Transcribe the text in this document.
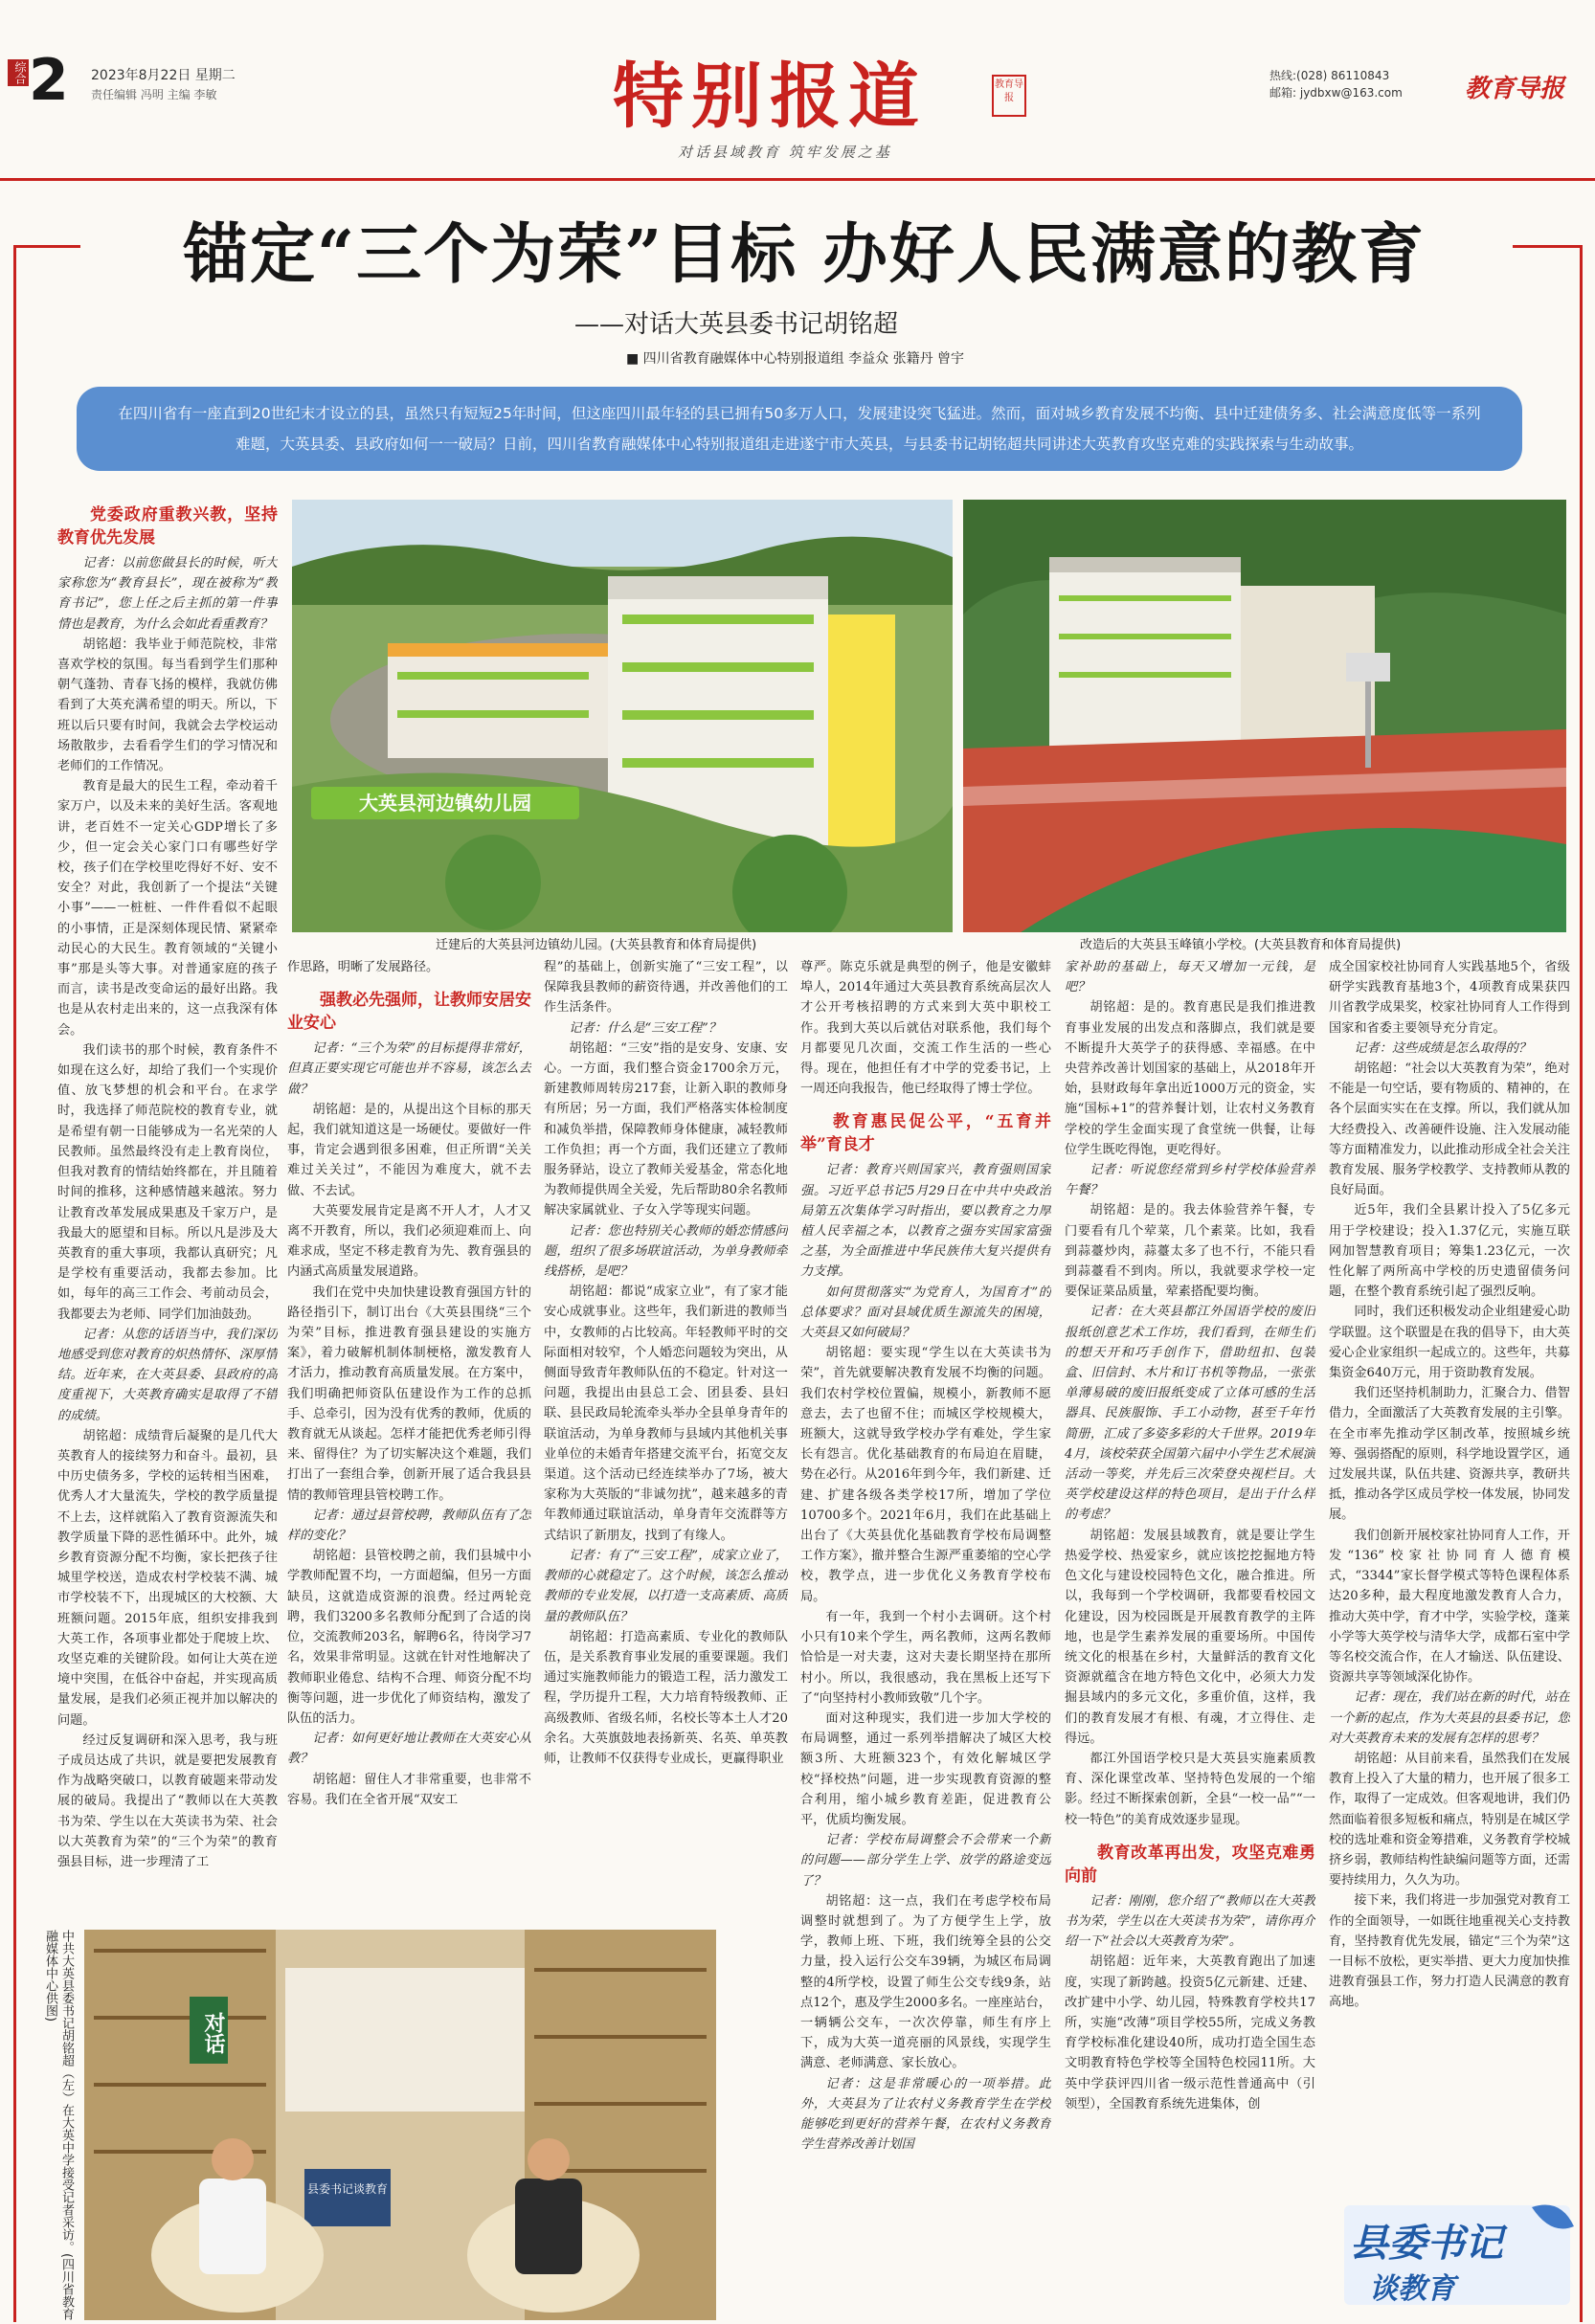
综合 2 2023年8月22日 星期二
责任编辑 冯明 主编 李敏	特别报道	教育导报
对话县域教育 筑牢发展之基
热线:(028) 86110843
邮箱: jydbxw@163.com	教育导报
锚定“三个为荣”目标 办好人民满意的教育
——对话大英县委书记胡铭超
■ 四川省教育融媒体中心特别报道组 李益众 张籍丹 曾宇
在四川省有一座直到20世纪末才设立的县，虽然只有短短25年时间，但这座四川最年轻的县已拥有50多万人口，发展建设突飞猛进。然而，面对城乡教育发展不均衡、县中迁建债务多、社会满意度低等一系列难题，大英县委、县政府如何一一破局？日前，四川省教育融媒体中心特别报道组走进遂宁市大英县，与县委书记胡铭超共同讲述大英教育攻坚克难的实践探索与生动故事。
大英县河边镇幼儿园
迁建后的大英县河边镇幼儿园。(大英县教育和体育局提供)	改造后的大英县玉峰镇小学校。(大英县教育和体育局提供)

党委政府重教兴教，坚持教育优先发展

记者：以前您做县长的时候，听大家称您为“教育县长”，现在被称为“教育书记”，您上任之后主抓的第一件事情也是教育，为什么会如此看重教育？

胡铭超：我毕业于师范院校，非常喜欢学校的氛围。每当看到学生们那种朝气蓬勃、青春飞扬的模样，我就仿佛看到了大英充满希望的明天。所以，下班以后只要有时间，我就会去学校运动场散散步，去看看学生们的学习情况和老师们的工作情况。

教育是最大的民生工程，牵动着千家万户，以及未来的美好生活。客观地讲，老百姓不一定关心GDP增长了多少，但一定会关心家门口有哪些好学校，孩子们在学校里吃得好不好、安不安全？对此，我创新了一个提法“关键小事”——一桩桩、一件件看似不起眼的小事情，正是深刻体现民情、紧紧牵动民心的大民生。教育领域的“关键小事”那是头等大事。对普通家庭的孩子而言，读书是改变命运的最好出路。我也是从农村走出来的，这一点我深有体会。

我们读书的那个时候，教育条件不如现在这么好，却给了我们一个实现价值、放飞梦想的机会和平台。在求学时，我选择了师范院校的教育专业，就是希望有朝一日能够成为一名光荣的人民教师。虽然最终没有走上教育岗位，但我对教育的情结始终都在，并且随着时间的推移，这种感情越来越浓。努力让教育改革发展成果惠及千家万户，是我最大的愿望和目标。所以凡是涉及大英教育的重大事项，我都认真研究；凡是学校有重要活动，我都去参加。比如，每年的高三工作会、考前动员会，我都要去为老师、同学们加油鼓劲。

记者：从您的话语当中，我们深切地感受到您对教育的炽热情怀、深厚情结。近年来，在大英县委、县政府的高度重视下，大英教育确实是取得了不错的成绩。

胡铭超：成绩背后凝聚的是几代大英教育人的接续努力和奋斗。最初，县中历史债务多，学校的运转相当困难，优秀人才大量流失，学校的教学质量提不上去，这样就陷入了教育资源流失和教学质量下降的恶性循环中。此外，城乡教育资源分配不均衡，家长把孩子往城里学校送，造成农村学校装不满、城市学校装不下，出现城区的大校额、大班额问题。2015年底，组织安排我到大英工作，各项事业都处于爬坡上坎、攻坚克难的关键阶段。如何让大英在逆境中突围，在低谷中奋起，并实现高质量发展，是我们必须正视并加以解决的问题。

经过反复调研和深入思考，我与班子成员达成了共识，就是要把发展教育作为战略突破口，以教育破题来带动发展的破局。我提出了“教师以在大英教书为荣、学生以在大英读书为荣、社会以大英教育为荣”的“三个为荣”的教育强县目标，进一步理清了工

作思路，明晰了发展路径。

强教必先强师，让教师安居安业安心

记者：“三个为荣”的目标提得非常好，但真正要实现它可能也并不容易，该怎么去做？

胡铭超：是的，从提出这个目标的那天起，我们就知道这是一场硬仗。要做好一件事，肯定会遇到很多困难，但正所谓“关关难过关关过”，不能因为难度大，就不去做、不去试。

大英要发展肯定是离不开人才，人才又离不开教育，所以，我们必须迎难而上、向难求成，坚定不移走教育为先、教育强县的内涵式高质量发展道路。

我们在党中央加快建设教育强国方针的路径指引下，制订出台《大英县围绕“三个为荣”目标，推进教育强县建设的实施方案》，着力破解机制体制梗格，激发教育人才活力，推动教育高质量发展。在方案中，我们明确把师资队伍建设作为工作的总抓手、总牵引，因为没有优秀的教师，优质的教育就无从谈起。怎样才能把优秀老师引得来、留得住？为了切实解决这个难题，我们打出了一套组合拳，创新开展了适合我县县情的教师管理县管校聘工作。

记者：通过县管校聘，教师队伍有了怎样的变化？

胡铭超：县管校聘之前，我们县城中小学教师配置不均，一方面超编，但另一方面缺员，这就造成资源的浪费。经过两轮竞聘，我们3200多名教师分配到了合适的岗位，交流教师203名，解聘6名，待岗学习7名，效果非常明显。这就在针对性地解决了教师职业倦怠、结构不合理、师资分配不均衡等问题，进一步优化了师资结构，激发了队伍的活力。

记者：如何更好地让教师在大英安心从教？

胡铭超：留住人才非常重要，也非常不容易。我们在全省开展“双安工

程”的基础上，创新实施了“三安工程”，以保障我县教师的薪资待遇，并改善他们的工作生活条件。

记者：什么是“三安工程”？

胡铭超：“三安”指的是安身、安康、安心。一方面，我们整合资金1700余万元，新建教师周转房217套，让新入职的教师身有所居；另一方面，我们严格落实体检制度和减负举措，保障教师身体健康，减轻教师工作负担；再一个方面，我们还建立了教师服务驿站，设立了教师关爱基金，常态化地为教师提供周全关爱，先后帮助80余名教师解决家属就业、子女入学等现实问题。

记者：您也特别关心教师的婚恋情感问题，组织了很多场联谊活动，为单身教师牵线搭桥，是吧？

胡铭超：都说“成家立业”，有了家才能安心成就事业。这些年，我们新进的教师当中，女教师的占比较高。年轻教师平时的交际面相对较窄，个人婚恋问题较为突出，从侧面导致青年教师队伍的不稳定。针对这一问题，我提出由县总工会、团县委、县妇联、县民政局轮流牵头举办全县单身青年的联谊活动，为单身教师与县域内其他机关事业单位的未婚青年搭建交流平台，拓宽交友渠道。这个活动已经连续举办了7场，被大家称为大英版的“非诚勿扰”，越来越多的青年教师通过联谊活动，单身青年交流群等方式结识了新朋友，找到了有缘人。

记者：有了“三安工程”，成家立业了，教师的心就稳定了。这个时候，该怎么推动教师的专业发展，以打造一支高素质、高质量的教师队伍？

胡铭超：打造高素质、专业化的教师队伍，是关系教育事业发展的重要课题。我们通过实施教师能力的锻造工程，活力激发工程，学历提升工程，大力培育特级教师、正高级教师、省级名师，名校长等本土人才20余名。大英旗鼓地表扬新英、名英、单英教师，让教师不仅获得专业成长，更赢得职业

尊严。陈克乐就是典型的例子，他是安徽蚌埠人，2014年通过大英县教育系统高层次人才公开考核招聘的方式来到大英中职校工作。我到大英以后就估对联系他，我们每个月都要见几次面，交流工作生活的一些心得。现在，他担任有才中学的党委书记，上一周还向我报告，他已经取得了博士学位。

教育惠民促公平，“五育并举”育良才

记者：教育兴则国家兴，教育强则国家强。习近平总书记5月29日在中共中央政治局第五次集体学习时指出，要以教育之力厚植人民幸福之本，以教育之强夯实国家富强之基，为全面推进中华民族伟大复兴提供有力支撑。

如何贯彻落实“为党育人，为国育才”的总体要求？面对县域优质生源流失的困境，大英县又如何破局？

胡铭超：要实现“学生以在大英读书为荣”，首先就要解决教育发展不均衡的问题。我们农村学校位置偏，规模小，新教师不愿意去，去了也留不住；而城区学校规模大，班额大，这就导致学校办学有难处，学生家长有怨言。优化基础教育的布局迫在眉睫，势在必行。从2016年到今年，我们新建、迁建、扩建各级各类学校17所，增加了学位10700多个。2021年6月，我们在此基础上出台了《大英县优化基础教育学校布局调整工作方案》，撤并整合生源严重萎缩的空心学校，教学点，进一步优化义务教育学校布局。

有一年，我到一个村小去调研。这个村小只有10来个学生，两名教师，这两名教师恰恰是一对夫妻，这对夫妻长期坚持在那所村小。所以，我很感动，我在黑板上还写下了“向坚持村小教师致敬”几个字。

面对这种现实，我们进一步加大学校的布局调整，通过一系列举措解决了城区大校额3所、大班额323个，有效化解城区学校“择校热”问题，进一步实现教育资源的整合利用，缩小城乡教育差距，促进教育公平，优质均衡发展。

记者：学校布局调整会不会带来一个新的问题——部分学生上学、放学的路途变远了？

胡铭超：这一点，我们在考虑学校布局调整时就想到了。为了方便学生上学，放学，教师上班、下班，我们统筹全县的公交力量，投入运行公交车39辆，为城区布局调整的4所学校，设置了师生公交专线9条，站点12个，惠及学生2000多名。一座座站台，一辆辆公交车，一次次停靠，师生有序上下，成为大英一道亮丽的风景线，实现学生满意、老师满意、家长放心。

记者：这是非常暖心的一项举措。此外，大英县为了让农村义务教育学生在学校能够吃到更好的营养午餐，在农村义务教育学生营养改善计划国

家补助的基础上，每天又增加一元钱，是吧？

胡铭超：是的。教育惠民是我们推进教育事业发展的出发点和落脚点，我们就是要不断提升大英学子的获得感、幸福感。在中央营养改善计划国家的基础上，从2018年开始，县财政每年拿出近1000万元的资金，实施“国标+1”的营养餐计划，让农村义务教育学校的学生金面实现了食堂统一供餐，让每位学生既吃得饱，更吃得好。

记者：听说您经常到乡村学校体验营养午餐？

胡铭超：是的。我去体验营养午餐，专门要看有几个荤菜，几个素菜。比如，我看到蒜薹炒肉，蒜薹太多了也不行，不能只看到蒜薹看不到肉。所以，我就要求学校一定要保证菜品质量，荤素搭配要均衡。

记者：在大英县都江外国语学校的废旧报纸创意艺术工作坊，我们看到，在师生们的想天开和巧手创作下，借助纽扣、包装盒、旧信封、木片和订书机等物品，一张张单薄易破的废旧报纸变成了立体可感的生活器具、民族服饰、手工小动物，甚至千年竹简册，汇成了多姿多彩的大千世界。2019年4月，该校荣获全国第六届中小学生艺术展演活动一等奖，并先后三次荣登央视栏目。大英学校建设这样的特色项目，是出于什么样的考虑？

胡铭超：发展县域教育，就是要让学生热爱学校、热爱家乡，就应该挖挖掘地方特色文化与建设校园特色文化，融合推进。所以，我每到一个学校调研，我都要看校园文化建设，因为校园既是开展教育教学的主阵地，也是学生素养发展的重要场所。中国传统文化的根基在乡村，大量鲜活的教育文化资源就蕴含在地方特色文化中，必须大力发掘县域内的多元文化，多重价值，这样，我们的教育发展才有根、有魂，才立得住、走得远。

都江外国语学校只是大英县实施素质教育、深化课堂改革、坚持特色发展的一个缩影。经过不断探索创新，全县“一校一品”“一校一特色”的美育成效逐步显现。

教育改革再出发，攻坚克难勇向前

记者：刚刚，您介绍了“教师以在大英教书为荣，学生以在大英读书为荣”，请你再介绍一下“社会以大英教育为荣”。

胡铭超：近年来，大英教育跑出了加速度，实现了新跨越。投资5亿元新建、迁建、改扩建中小学、幼儿园，特殊教育学校共17所，实施“改薄”项目学校55所，完成义务教育学校标准化建设40所，成功打造全国生态文明教育特色学校等全国特色校园11所。大英中学获评四川省一级示范性普通高中（引领型），全国教育系统先进集体，创

成全国家校社协同育人实践基地5个，省级研学实践教育基地3个，4项教育成果获四川省教学成果奖，校家社协同育人工作得到国家和省委主要领导充分肯定。

记者：这些成绩是怎么取得的？

胡铭超：“社会以大英教育为荣”，绝对不能是一句空话，要有物质的、精神的，在各个层面实实在在支撑。所以，我们就从加大经费投入、改善硬件设施、注入发展动能等方面精准发力，以此推动形成全社会关注教育发展、服务学校教学、支持教师从教的良好局面。

近5年，我们全县累计投入了5亿多元用于学校建设；投入1.37亿元，实施互联网加智慧教育项目；筹集1.23亿元，一次性化解了两所高中学校的历史遗留债务问题，在整个教育系统引起了强烈反响。

同时，我们还积极发动企业组建爱心助学联盟。这个联盟是在我的倡导下，由大英爱心企业家组织一起成立的。这些年，共募集资金640万元，用于资助教育发展。

我们还坚持机制助力，汇聚合力、借智借力，全面激活了大英教育发展的主引擎。在全市率先推动学区制改革，按照城乡统筹、强弱搭配的原则，科学地设置学区，通过发展共谋，队伍共建、资源共享，教研共抵，推动各学区成员学校一体发展，协同发展。

我们创新开展校家社协同育人工作，开发“136”校家社协同育人德育模式，“3344”家长督学模式等特色课程体系达20多种，最大程度地激发教育人合力，推动大英中学，育才中学，实验学校，蓬莱小学等大英学校与清华大学，成都石室中学等名校交流合作，在人才输送、队伍建设、资源共享等领域深化协作。

记者：现在，我们站在新的时代，站在一个新的起点，作为大英县的县委书记，您对大英教育未来的发展有怎样的思考？

胡铭超：从目前来看，虽然我们在发展教育上投入了大量的精力，也开展了很多工作，取得了一定成效。但客观地讲，我们仍然面临着很多短板和痛点，特别是在城区学校的选址难和资金筹措难，义务教育学校城挤乡弱，教师结构性缺编问题等方面，还需要持续用力，久久为功。

接下来，我们将进一步加强党对教育工作的全面领导，一如既往地重视关心支持教育，坚持教育优先发展，锚定“三个为荣”这一目标不放松，更实举措、更大力度加快推进教育强县工作，努力打造人民满意的教育高地。

中共大英县委书记胡铭超（左）在大英中学接受记者采访。(四川省教育融媒体中心供图)
对话
县委书记谈教育
县委书记
谈教育
